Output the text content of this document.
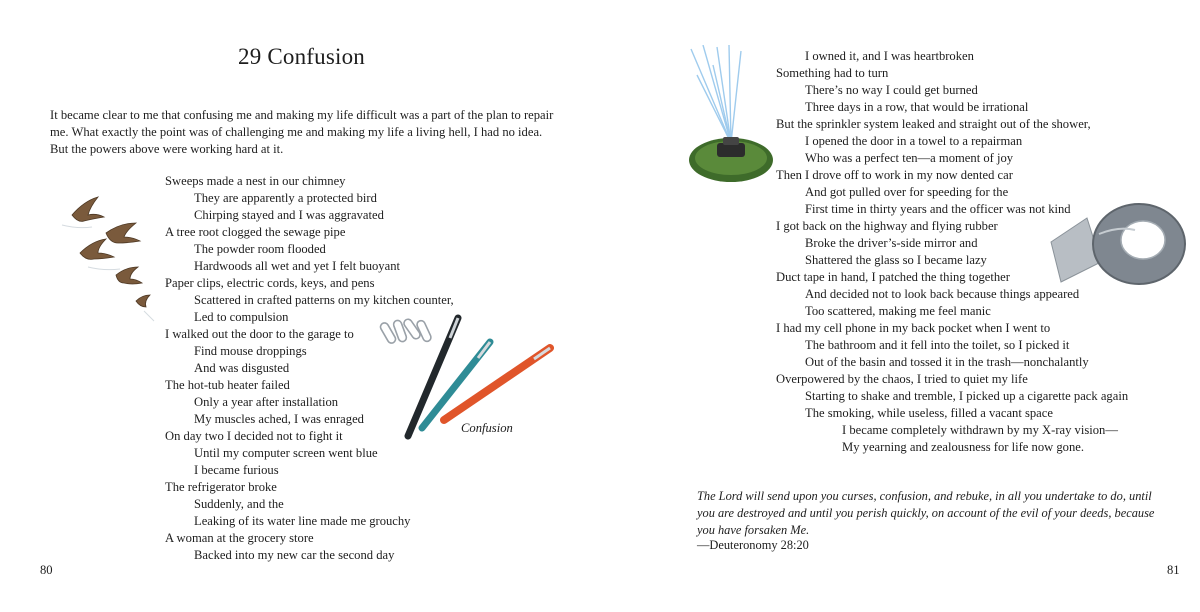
29 Confusion

It became clear to me that confusing me and making my life difficult was a part of the plan to repair me. What exactly the point was of challenging me and making my life a living hell, I had no idea. But the powers above were working hard at it.

80
Sweeps made a nest in our chimney
They are apparently a protected bird
Chirping stayed and I was aggravated
A tree root clogged the sewage pipe
The powder room flooded
Hardwoods all wet and yet I felt buoyant
Paper clips, electric cords, keys, and pens
Scattered in crafted patterns on my kitchen counter,
Led to compulsion
I walked out the door to the garage to
Find mouse droppings
And was disgusted
The hot-tub heater failed
Only a year after installation
My muscles ached, I was enraged
On day two I decided not to fight it
Until my computer screen went blue
I became furious
The refrigerator broke
Suddenly, and the
Leaking of its water line made me grouchy
A woman at the grocery store
Backed into my new car the second day
I owned it, and I was heartbroken
Something had to turn
There’s no way I could get burned
Three days in a row, that would be irrational
But the sprinkler system leaked and straight out of the shower,
I opened the door in a towel to a repairman
Who was a perfect ten—a moment of joy
Then I drove off to work in my now dented car
And got pulled over for speeding for the
First time in thirty years and the officer was not kind
I got back on the highway and flying rubber
Broke the driver’s-side mirror and
Shattered the glass so I became lazy
Duct tape in hand, I patched the thing together
And decided not to look back because things appeared
Too scattered, making me feel manic
I had my cell phone in my back pocket when I went to
The bathroom and it fell into the toilet, so I picked it
Out of the basin and tossed it in the trash—nonchalantly
Overpowered by the chaos, I tried to quiet my life
Starting to shake and tremble, I picked up a cigarette pack again
The smoking, while useless, filled a vacant space
I became completely withdrawn by my X-ray vision—
My yearning and zealousness for life now gone.
Confusion

The Lord will send upon you curses, confusion, and rebuke, in all you undertake to do, until you are destroyed and until you perish quickly, on account of the evil of your deeds, because you have forsaken Me.

—Deuteronomy 28:20
81
